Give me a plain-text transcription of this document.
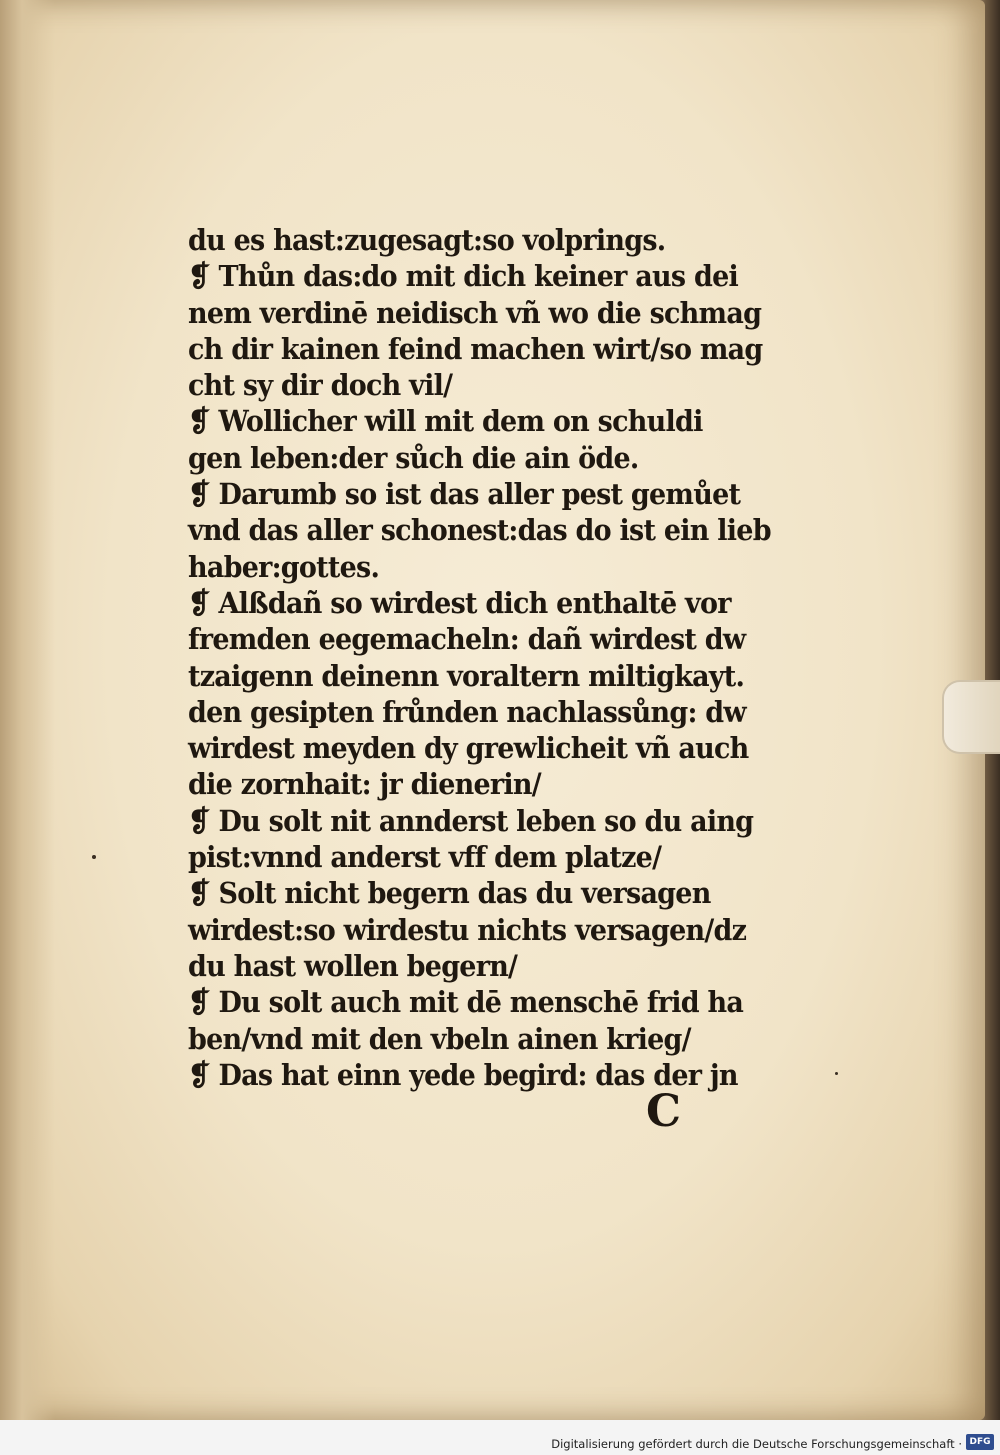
du es hast:zugesagt:so volprings.
❡ Thůn das:do mit dich keiner aus dei
nem verdinē neidisch vñ wo die schmag
ch dir kainen feind machen wirt/so mag
cht sy dir doch vil/
❡ Wollicher will mit dem on schuldi
gen leben:der sůch die ain öde.
❡ Darumb so ist das aller pest gemůet
vnd das aller schonest:das do ist ein lieb
haber:gottes.
❡ Alßdañ so wirdest dich enthaltē vor
fremden eegemacheln: dañ wirdest dw
tzaigenn deinenn voraltern miltigkayt.
den gesipten frůnden nachlassůng: dw
wirdest meyden dy grewlicheit vñ auch
die zornhait: jr dienerin/
❡ Du solt nit annderst leben so du aing
pist:vnnd anderst vff dem platze/
❡ Solt nicht begern das du versagen
wirdest:so wirdestu nichts versagen/dz
du hast wollen begern/
❡ Du solt auch mit dē menschē frid ha
ben/vnd mit den vbeln ainen krieg/
❡ Das hat einn yede begird: das der jn
C
Digitalisierung gefördert durch die Deutsche Forschungsgemeinschaft · DFG
